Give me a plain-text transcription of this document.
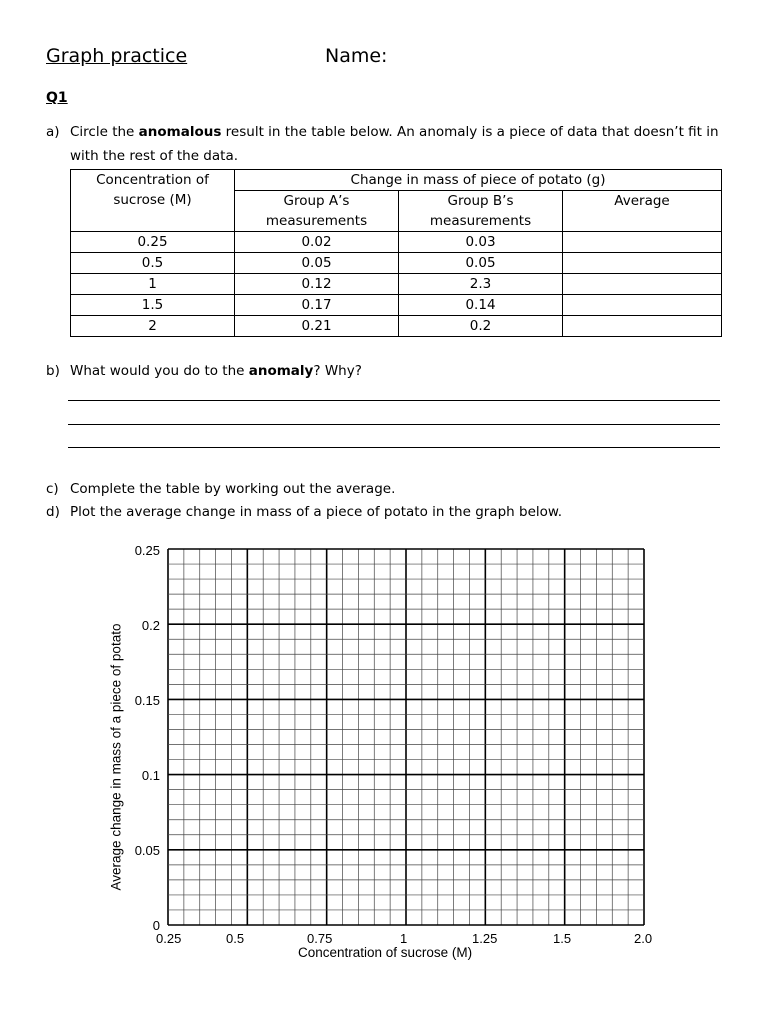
Graph practice	Name:
Q1
a) Circle the anomalous result in the table below. An anomaly is a piece of data that doesn’t fit in with the rest of the data.
Concentration of sucrose (M)	Change in mass of piece of potato (g)		
	Group A’s measurements	Group B’s measurements	Average
0.25	0.02	0.03	
0.5	0.05	0.05	
1	0.12	2.3	
1.5	0.17	0.14	
2	0.21	0.2	
b) What would you do to the anomaly? Why?
c) Complete the table by working out the average.
d) Plot the average change in mass of a piece of potato in the graph below.
0.25
0.2
0.15
0.1
0.05
0
0.25	0.5	0.75	1	1.25	1.5	2.0
Concentration of sucrose (M)
Average change in mass of a piece of potato
